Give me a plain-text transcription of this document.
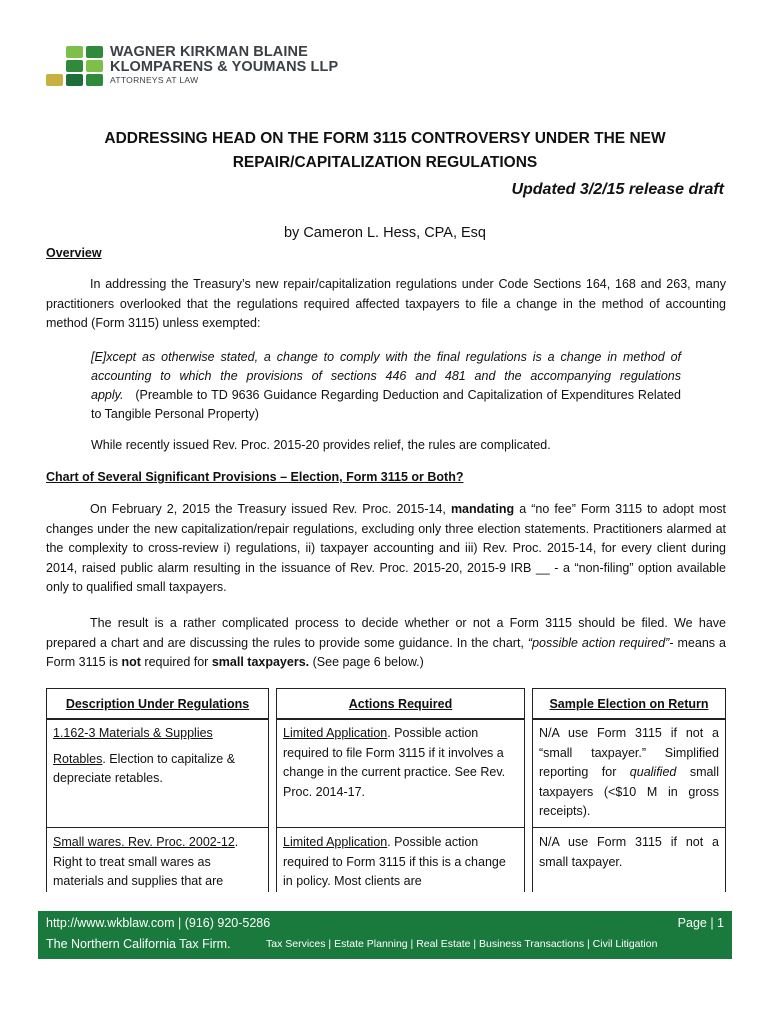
WAGNER KIRKMAN BLAINE
KLOMPARENS & YOUMANS LLP
ATTORNEYS AT LAW
ADDRESSING HEAD ON THE FORM 3115 CONTROVERSY UNDER THE NEW
REPAIR/CAPITALIZATION REGULATIONS
Updated 3/2/15 release draft
by Cameron L. Hess, CPA, Esq
Overview

In addressing the Treasury’s new repair/capitalization regulations under Code Sections 164, 168 and 263, many practitioners overlooked that the regulations required affected taxpayers to file a change in the method of accounting method (Form 3115) unless exempted:

[E]xcept as otherwise stated, a change to comply with the final regulations is a change in method of accounting to which the provisions of sections 446 and 481 and the accompanying regulations apply. (Preamble to TD 9636 Guidance Regarding Deduction and Capitalization of Expenditures Related to Tangible Personal Property)

While recently issued Rev. Proc. 2015-20 provides relief, the rules are complicated.
Chart of Several Significant Provisions – Election, Form 3115 or Both?

On February 2, 2015 the Treasury issued Rev. Proc. 2015-14, mandating a “no fee” Form 3115 to adopt most changes under the new capitalization/repair regulations, excluding only three election statements. Practitioners alarmed at the complexity to cross-review i) regulations, ii) taxpayer accounting and iii) Rev. Proc. 2015-14, for every client during 2014, raised public alarm resulting in the issuance of Rev. Proc. 2015-20, 2015-9 IRB __ - a “non-filing” option available only to qualified small taxpayers.

The result is a rather complicated process to decide whether or not a Form 3115 should be filed. We have prepared a chart and are discussing the rules to provide some guidance. In the chart, “possible action required”- means a Form 3115 is not required for small taxpayers. (See page 6 below.)

Description Under Regulations
1.162-3 Materials & Supplies
Rotables. Election to capitalize & depreciate retables.
Small wares. Rev. Proc. 2002-12. Right to treat small wares as materials and supplies that are
Actions Required
Limited Application. Possible action required to file Form 3115 if it involves a change in the current practice. See Rev. Proc. 2014-17.
Limited Application. Possible action required to Form 3115 if this is a change in policy. Most clients are
Sample Election on Return
N/A use Form 3115 if not a “small taxpayer.” Simplified reporting for qualified small taxpayers (<$10 M in gross receipts).
N/A use Form 3115 if not a small taxpayer.
http://www.wkblaw.com | (916) 920-5286	Page | 1
The Northern California Tax Firm.	Tax Services | Estate Planning | Real Estate | Business Transactions | Civil Litigation
